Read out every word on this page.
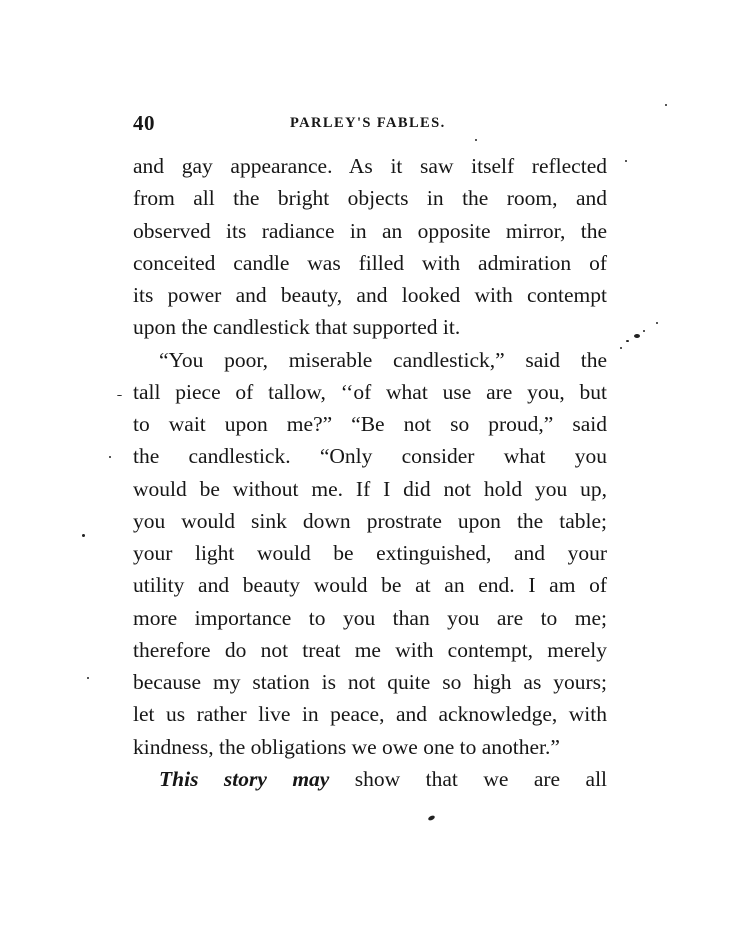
40	PARLEY'S FABLES.
and gay appearance. As it saw itself reflected
from all the bright objects in the room, and
observed its radiance in an opposite mirror, the
conceited candle was filled with admiration of
its power and beauty, and looked with contempt
upon the candlestick that supported it.
“You poor, miserable candlestick,” said the
tall piece of tallow, ‘‘of what use are you, but
to wait upon me?” “Be not so proud,” said
the candlestick. “Only consider what you
would be without me. If I did not hold you up,
you would sink down prostrate upon the table;
your light would be extinguished, and your
utility and beauty would be at an end. I am of
more importance to you than you are to me;
therefore do not treat me with contempt, merely
because my station is not quite so high as yours;
let us rather live in peace, and acknowledge, with
kindness, the obligations we owe one to another.”
This story may show that we are all
